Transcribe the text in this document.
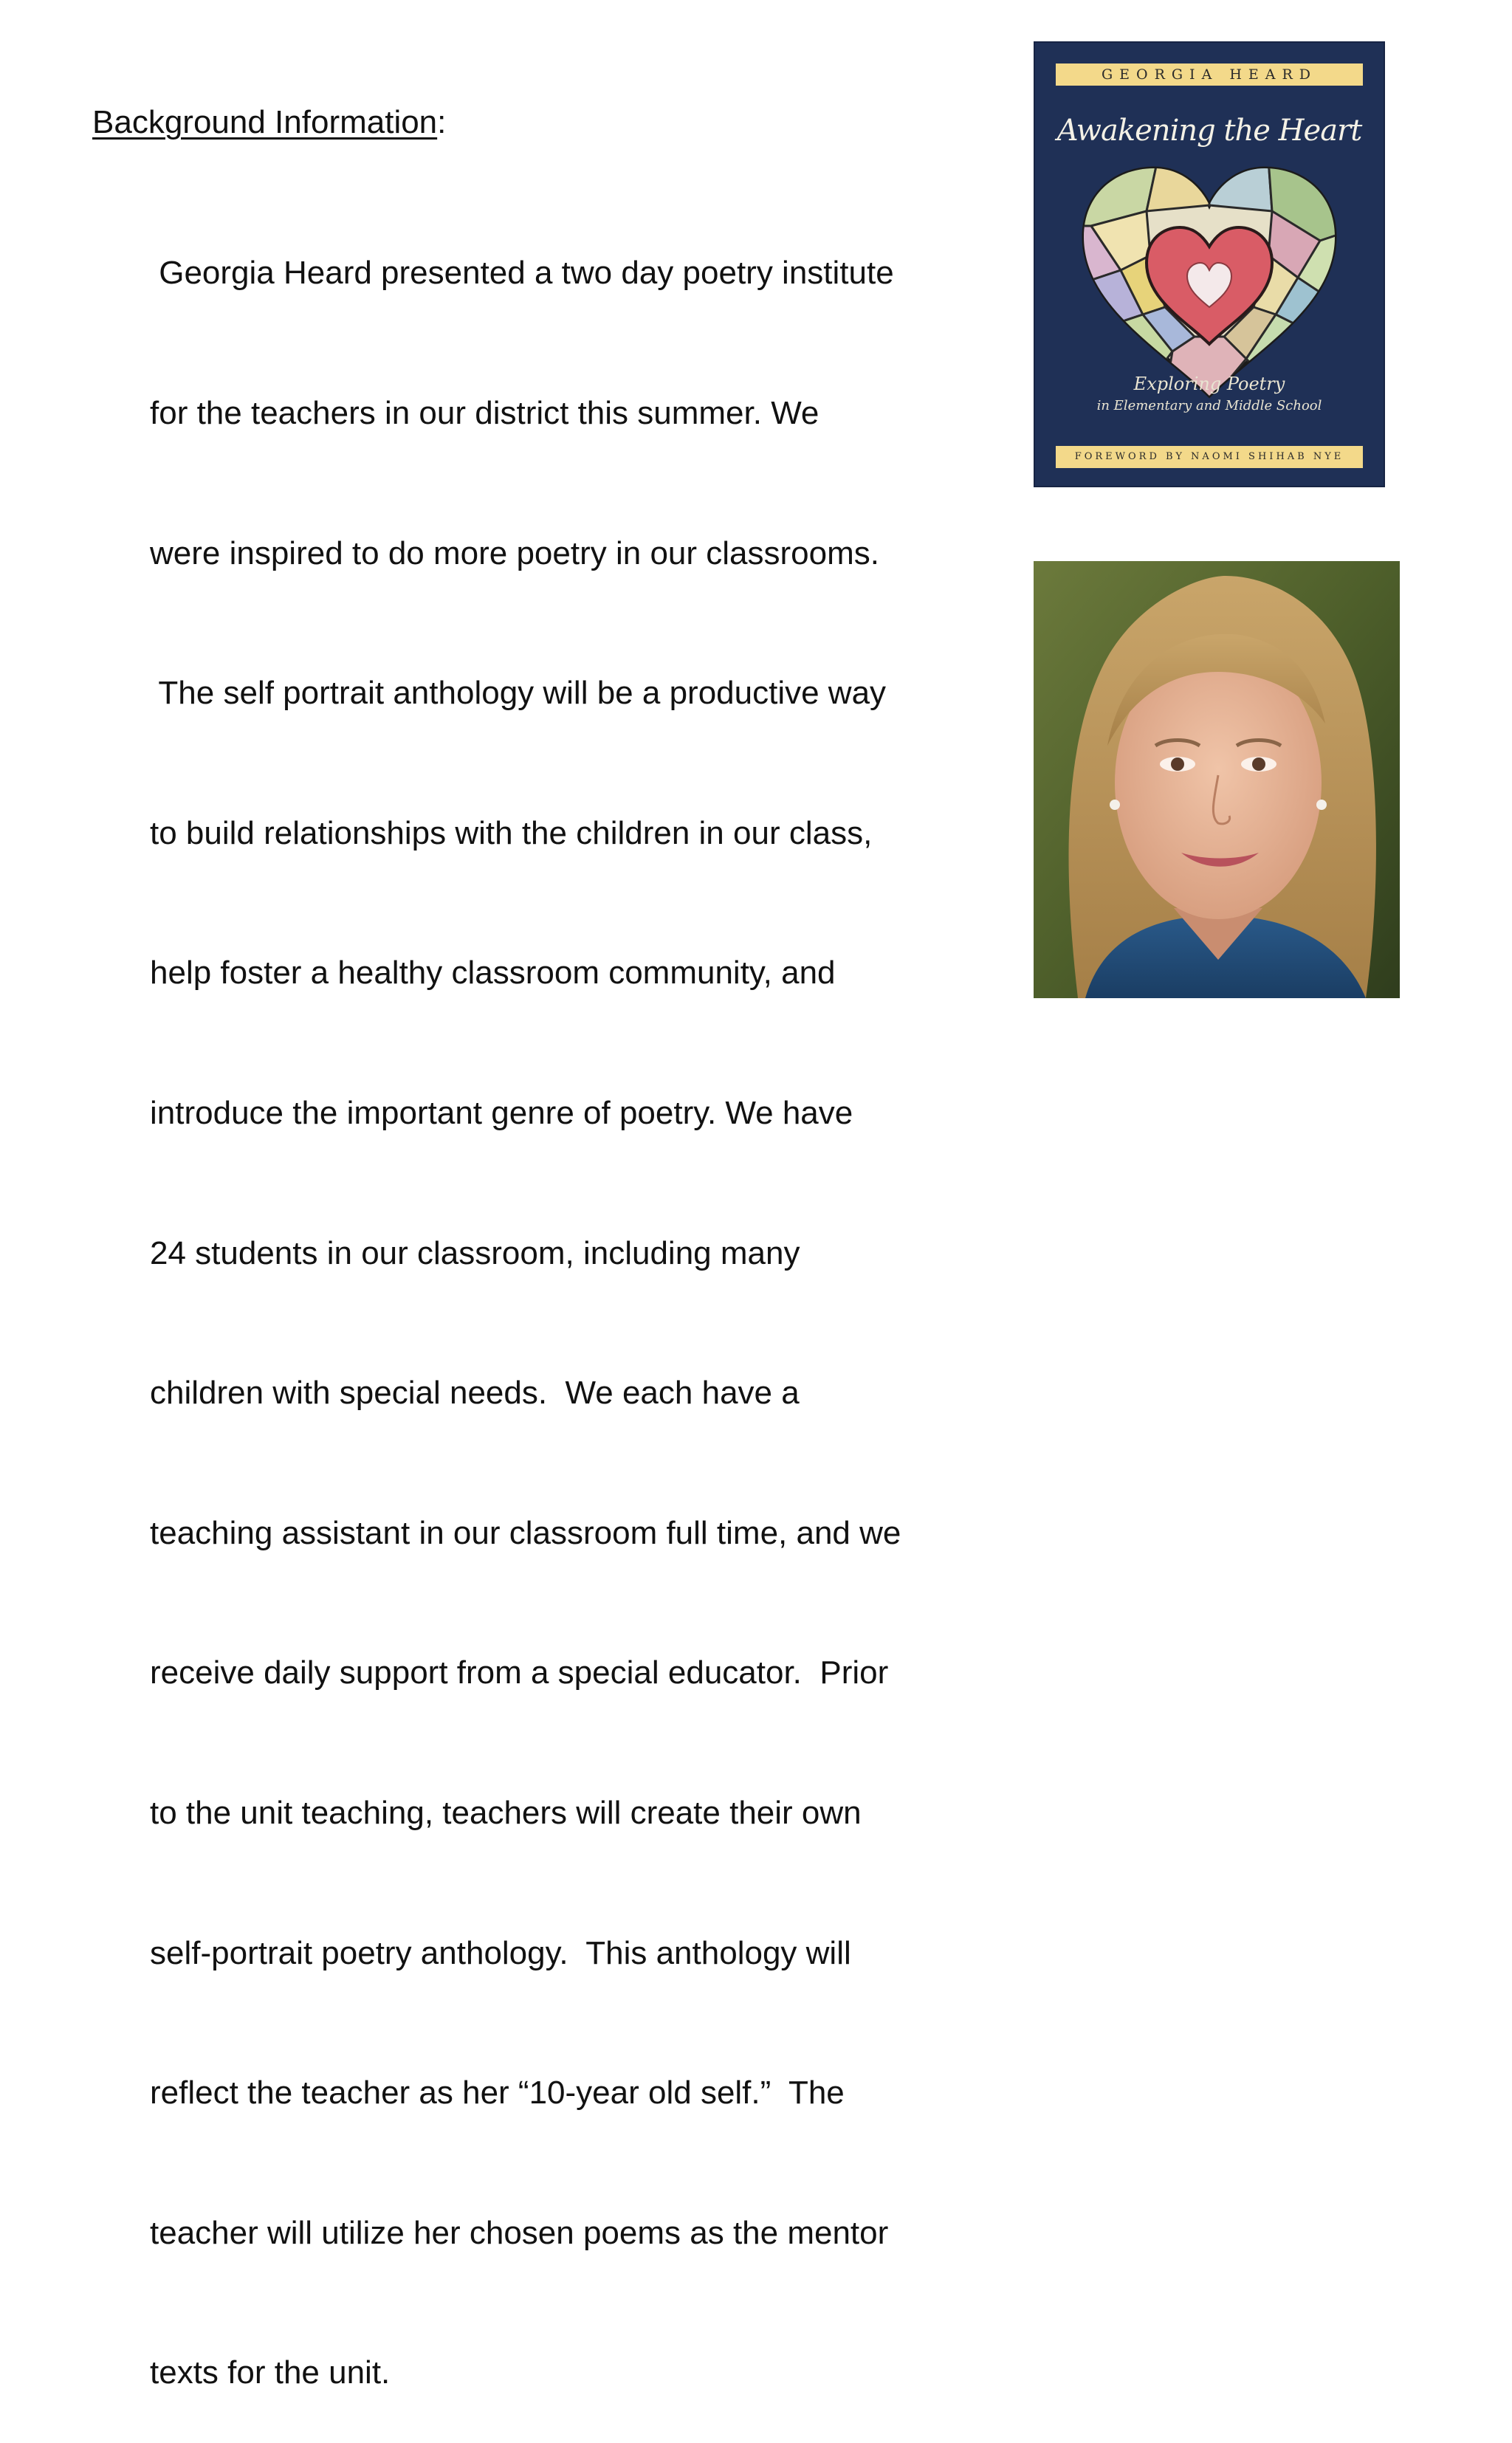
Background Information:

Georgia Heard presented a two day poetry institute

for the teachers in our district this summer. We

were inspired to do more poetry in our classrooms.

The self portrait anthology will be a productive way

to build relationships with the children in our class,

help foster a healthy classroom community, and

introduce the important genre of poetry. We have

24 students in our classroom, including many

children with special needs.  We each have a

teaching assistant in our classroom full time, and we

receive daily support from a special educator.  Prior

to the unit teaching, teachers will create their own

self-portrait poetry anthology.  This anthology will

reflect the teacher as her “10-year old self.”  The

teacher will utilize her chosen poems as the mentor

texts for the unit.

GEORGIA HEARD
Awakening the Heart
Exploring Poetry
in Elementary and Middle School
FOREWORD BY NAOMI SHIHAB NYE
